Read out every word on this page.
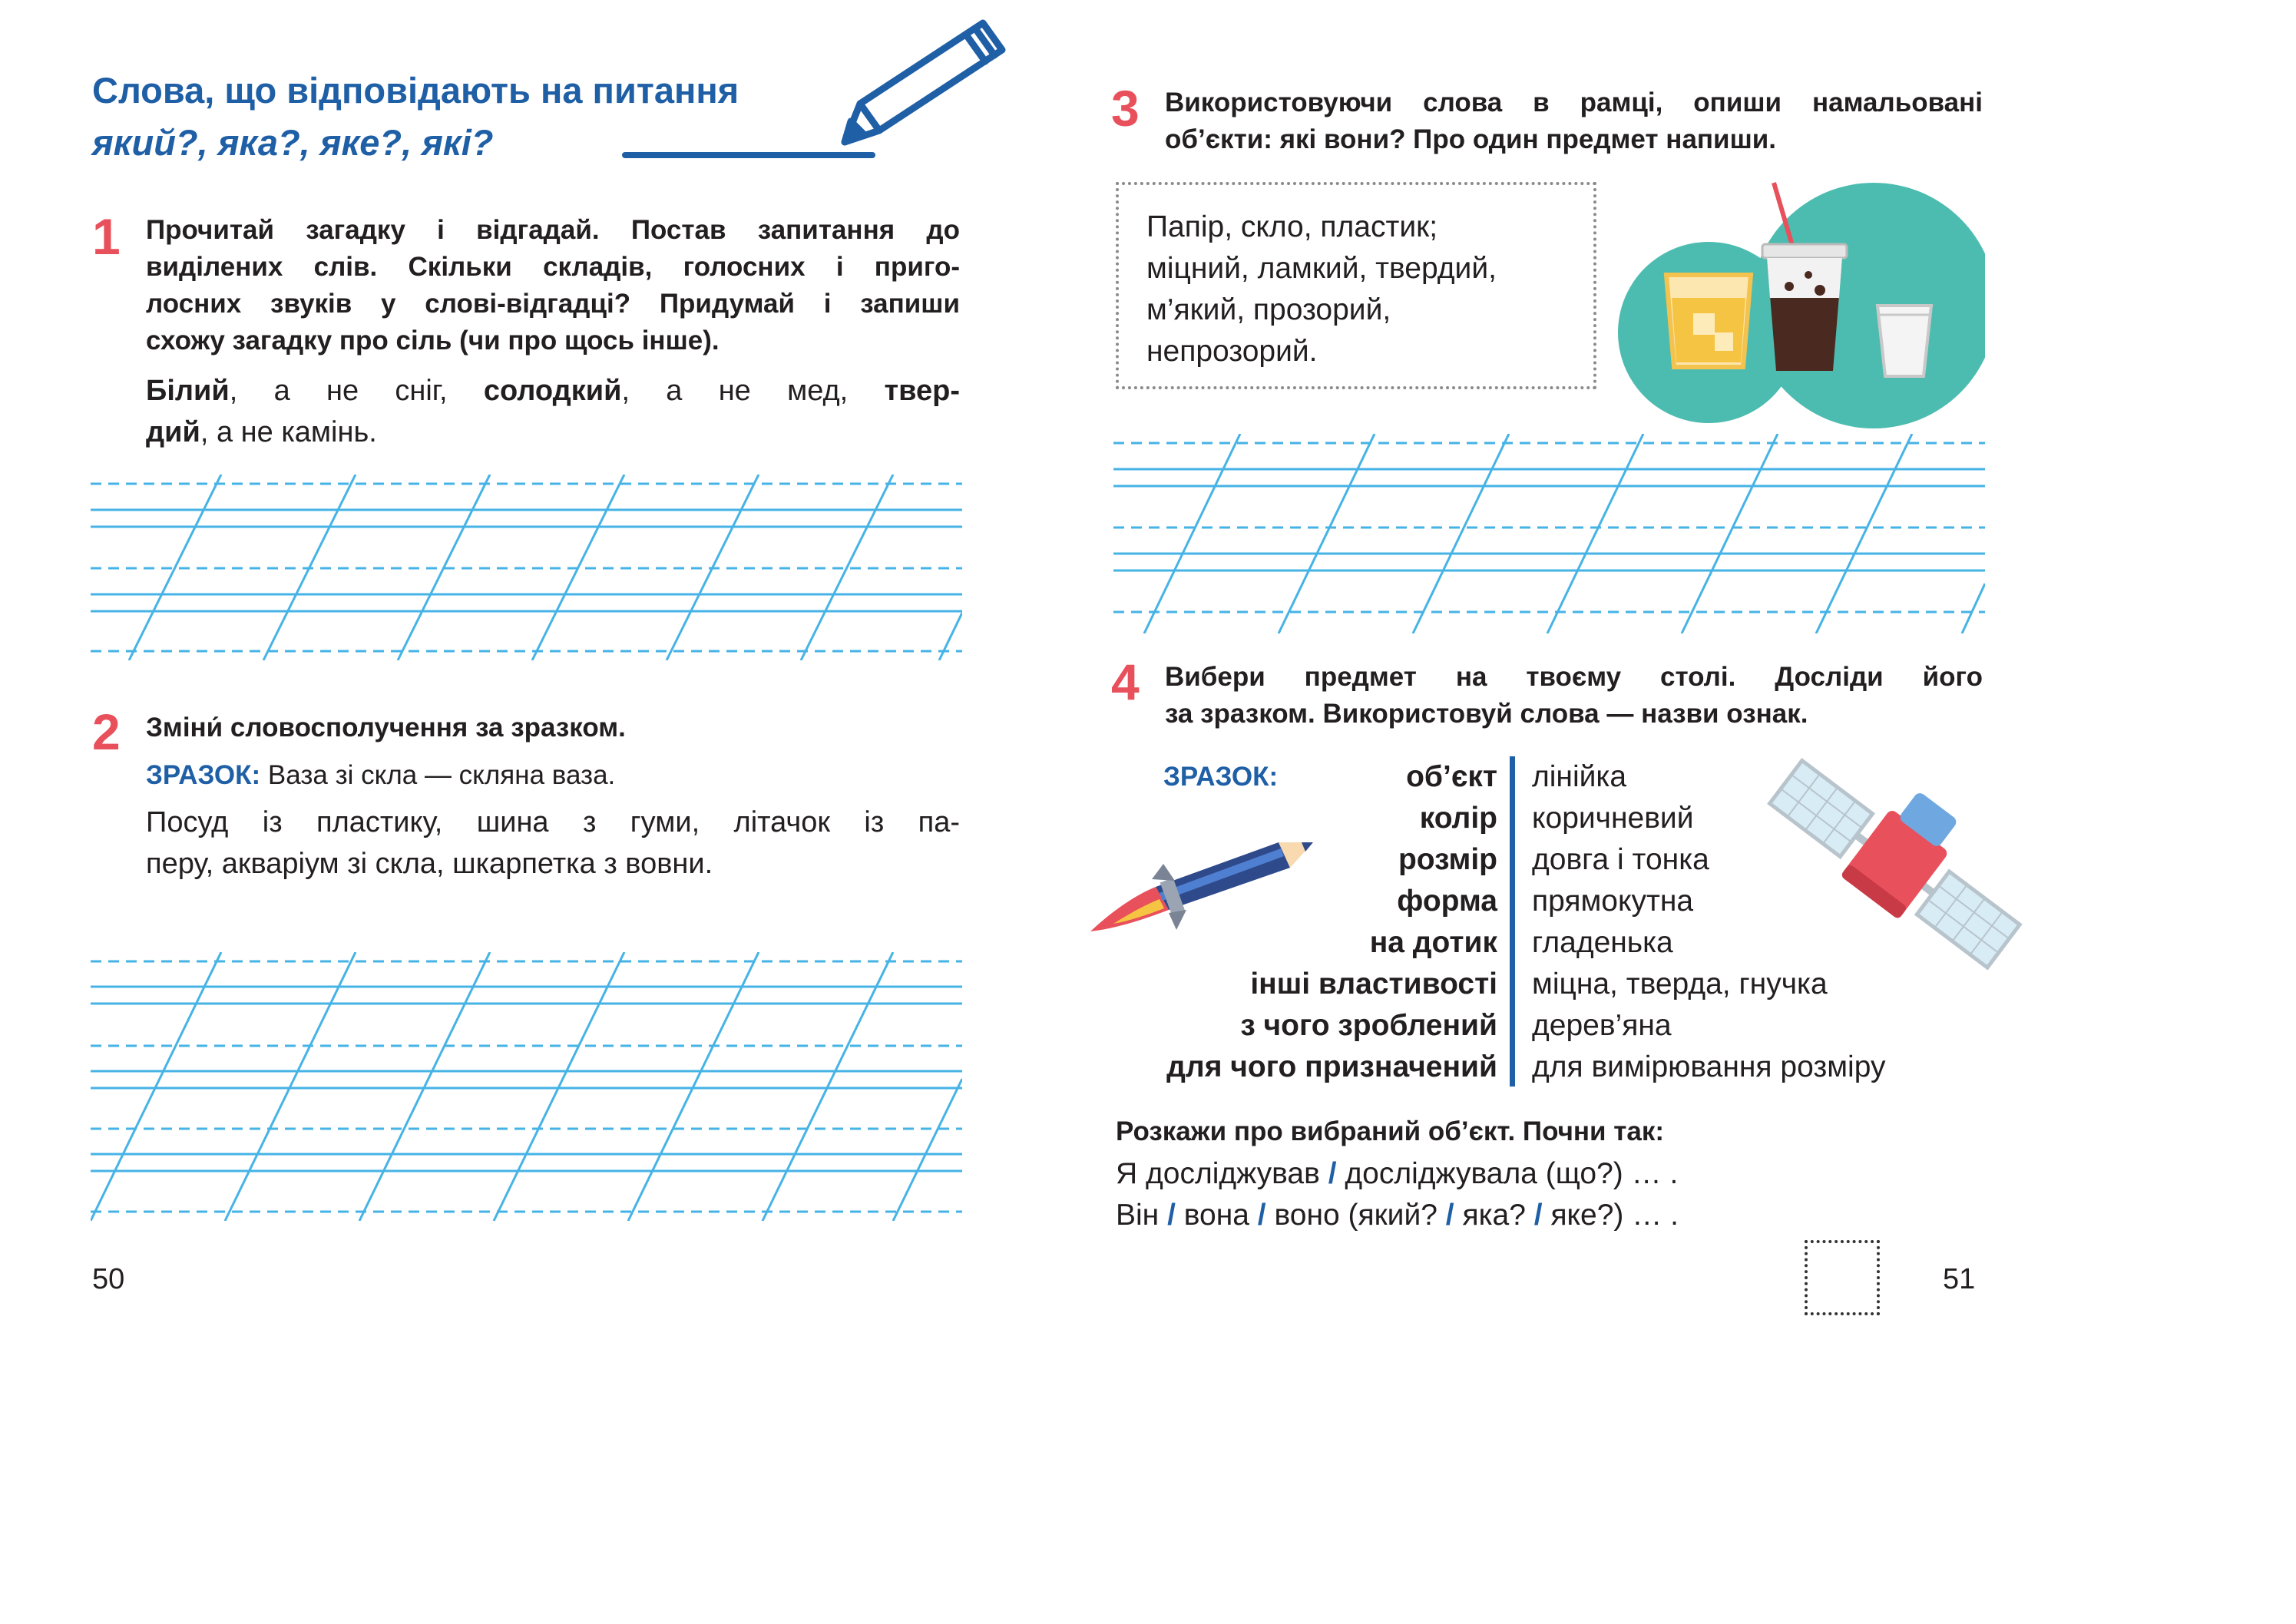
Слова, що відповідають на питання
який?, яка?, яке?, які?
1 Прочитай загадку і відгадай. Постав запитання до
виділених слів. Скільки складів, голосних і приго-
лосних звуків у слові-відгадці? Придумай і запиши
схожу загадку про сіль (чи про щось інше).
Білий, а не сніг, солодкий, а не мед, твер-
дий, а не камінь.
2 Зміни́ словосполучення за зразком.
ЗРАЗОК: Ваза зі скла — скляна ваза.
Посуд із пластику, шина з гуми, літачок із па-
перу, акваріум зі скла, шкарпетка з вовни.
50
3 Використовуючи слова в рамці, опиши намальовані
об’єкти: які вони? Про один предмет напиши.
Папір, скло, пластик;
міцний, ламкий, твердий,
м’який, прозорий,
непрозорий.
4 Вибери предмет на твоєму столі. Досліди його
за зразком. Використовуй слова — назви ознак.
ЗРАЗОК:	об’єкт
колір
розмір
форма
на дотик
інші властивості
з чого зроблений
для чого призначений
лінійка
коричневий
довга і тонка
прямокутна
гладенька
міцна, тверда, гнучка
дерев’яна
для вимірювання розміру
Розкажи про вибраний об’єкт. Почни так:
Я досліджував / досліджувала (що?) … .
Він / вона / воно (який? / яка? / яке?) … .
51
